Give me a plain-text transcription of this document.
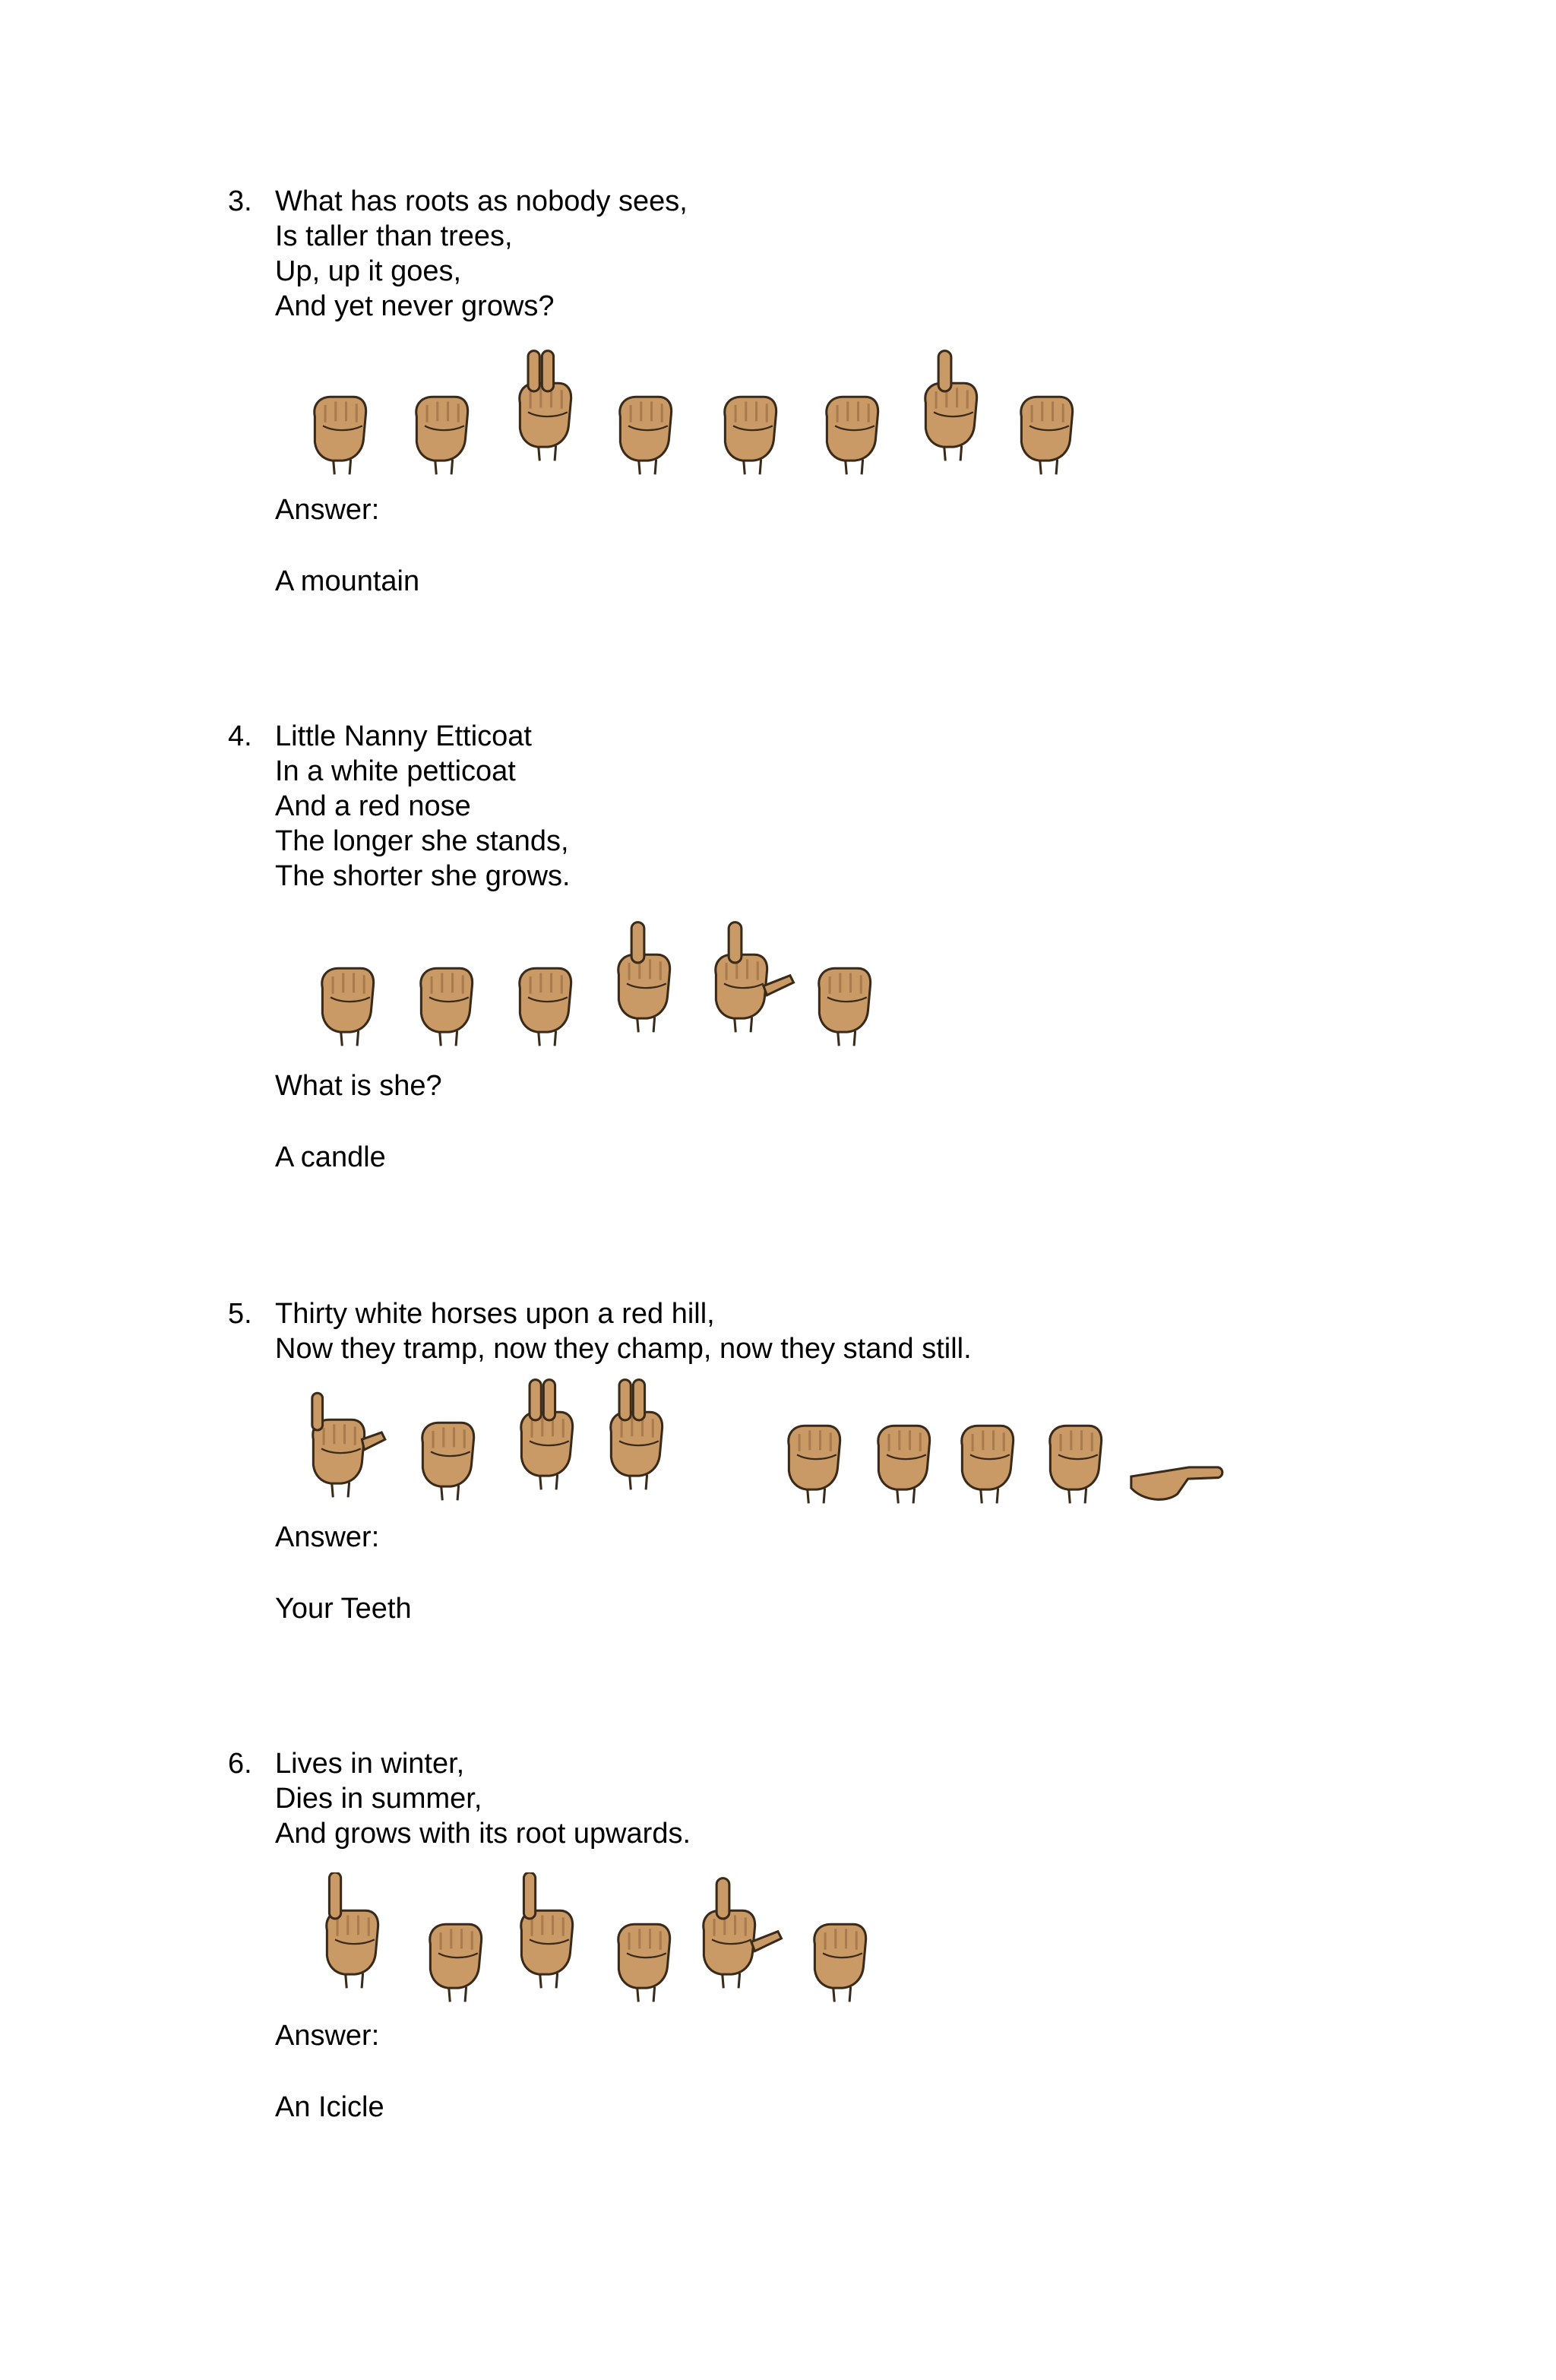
3. What has roots as nobody sees,
Is taller than trees,
Up, up it goes,
And yet never grows?
Answer:
A mountain
4. Little Nanny Etticoat
In a white petticoat
And a red nose
The longer she stands,
The shorter she grows.
What is she?
A candle
5. Thirty white horses upon a red hill,
Now they tramp, now they champ, now they stand still.
Answer:
Your Teeth
6. Lives in winter,
Dies in summer,
And grows with its root upwards.
Answer:
An Icicle
